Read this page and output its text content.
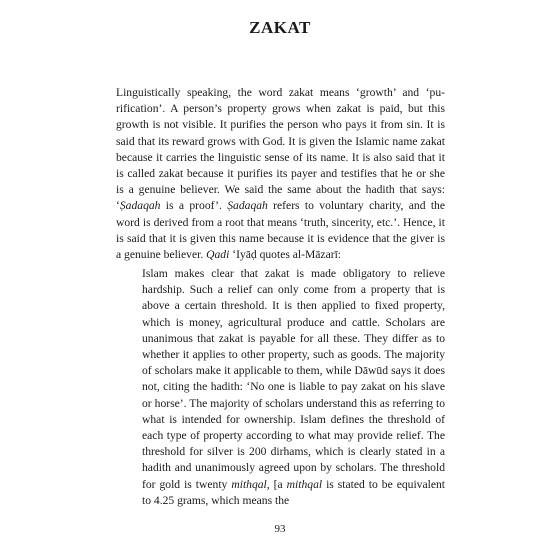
ZAKAT

Linguistically speaking, the word zakat means ‘growth’ and ‘purification’. A person’s property grows when zakat is paid, but this growth is not visible. It purifies the person who pays it from sin. It is said that its reward grows with God. It is given the Islamic name zakat because it carries the linguistic sense of its name. It is also said that it is called zakat because it purifies its payer and testifies that he or she is a genuine believer. We said the same about the hadith that says: ‘Ṣadaqah is a proof’. Ṣadaqah refers to voluntary charity, and the word is derived from a root that means ‘truth, sincerity, etc.’. Hence, it is said that it is given this name because it is evidence that the giver is a genuine believer. Qadi ‘Iyāḍ quotes al-Māzarī:

Islam makes clear that zakat is made obligatory to relieve hardship. Such a relief can only come from a property that is above a certain threshold. It is then applied to fixed property, which is money, agricultural produce and cattle. Scholars are unanimous that zakat is payable for all these. They differ as to whether it applies to other property, such as goods. The majority of scholars make it applicable to them, while Dāwūd says it does not, citing the hadith: ‘No one is liable to pay zakat on his slave or horse’. The majority of scholars understand this as referring to what is intended for ownership. Islam defines the threshold of each type of property according to what may provide relief. The threshold for silver is 200 dirhams, which is clearly stated in a hadith and unanimously agreed upon by scholars. The threshold for gold is twenty mithqal, [a mithqal is stated to be equivalent to 4.25 grams, which means the

93
